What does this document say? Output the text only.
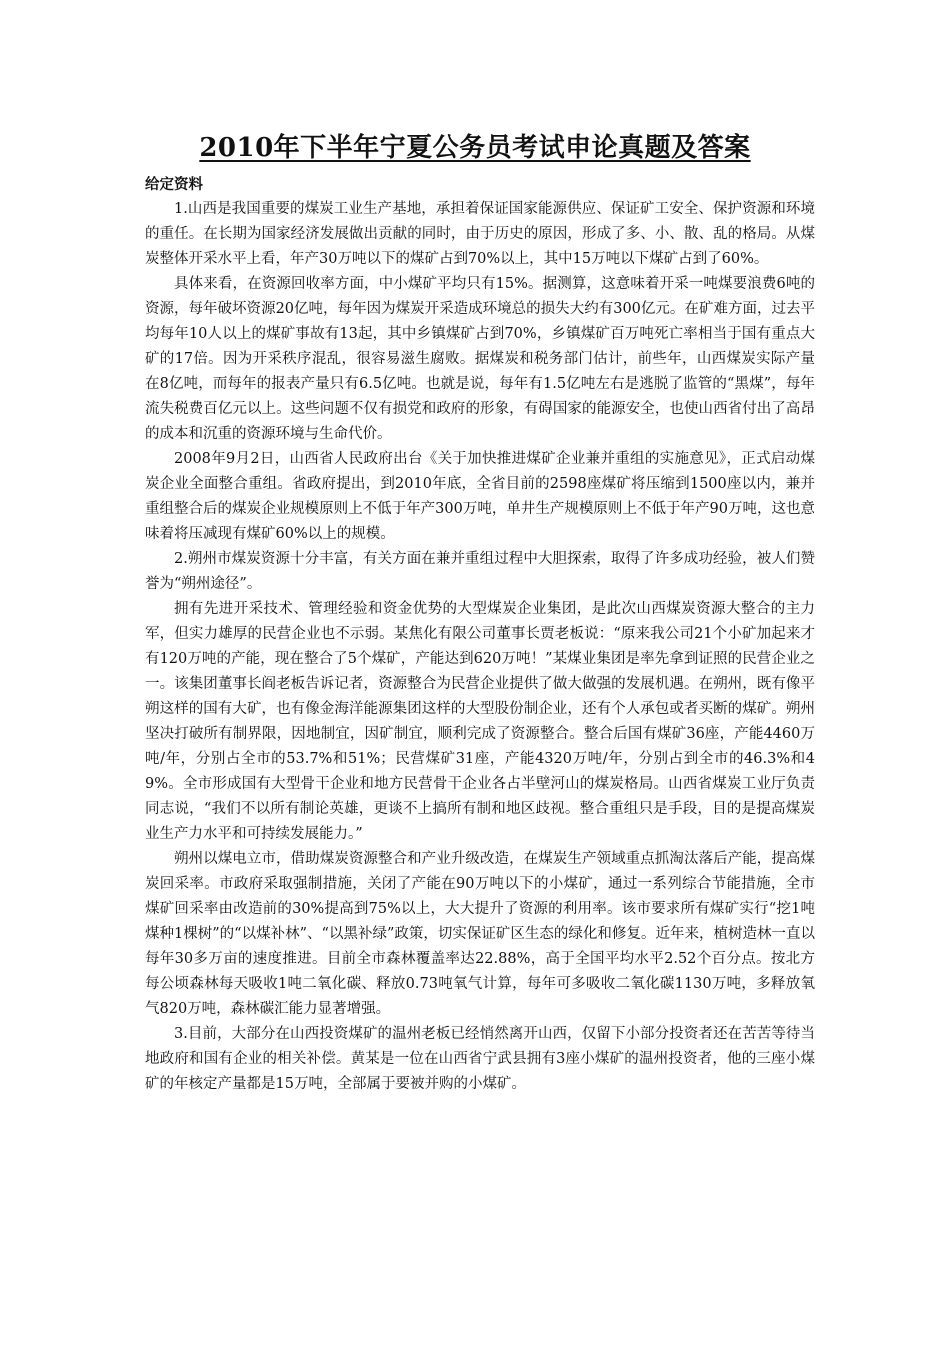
2010年下半年宁夏公务员考试申论真题及答案

给定资料

1.山西是我国重要的煤炭工业生产基地，承担着保证国家能源供应、保证矿工安全、保护资源和环境的重任。在长期为国家经济发展做出贡献的同时，由于历史的原因，形成了多、小、散、乱的格局。从煤炭整体开采水平上看，年产30万吨以下的煤矿占到70%以上，其中15万吨以下煤矿占到了60%。

具体来看，在资源回收率方面，中小煤矿平均只有15%。据测算，这意味着开采一吨煤要浪费6吨的资源，每年破坏资源20亿吨，每年因为煤炭开采造成环境总的损失大约有300亿元。在矿难方面，过去平均每年10人以上的煤矿事故有13起，其中乡镇煤矿占到70%，乡镇煤矿百万吨死亡率相当于国有重点大矿的17倍。因为开采秩序混乱，很容易滋生腐败。据煤炭和税务部门估计，前些年，山西煤炭实际产量在8亿吨，而每年的报表产量只有6.5亿吨。也就是说，每年有1.5亿吨左右是逃脱了监管的“黑煤”，每年流失税费百亿元以上。这些问题不仅有损党和政府的形象，有碍国家的能源安全，也使山西省付出了高昂的成本和沉重的资源环境与生命代价。

2008年9月2日，山西省人民政府出台《关于加快推进煤矿企业兼并重组的实施意见》，正式启动煤炭企业全面整合重组。省政府提出，到2010年底，全省目前的2598座煤矿将压缩到1500座以内，兼并重组整合后的煤炭企业规模原则上不低于年产300万吨，单井生产规模原则上不低于年产90万吨，这也意味着将压减现有煤矿60%以上的规模。

2.朔州市煤炭资源十分丰富，有关方面在兼并重组过程中大胆探索，取得了许多成功经验，被人们赞誉为“朔州途径”。

拥有先进开采技术、管理经验和资金优势的大型煤炭企业集团，是此次山西煤炭资源大整合的主力军，但实力雄厚的民营企业也不示弱。某焦化有限公司董事长贾老板说：“原来我公司21个小矿加起来才有120万吨的产能，现在整合了5个煤矿，产能达到620万吨！”某煤业集团是率先拿到证照的民营企业之一。该集团董事长阎老板告诉记者，资源整合为民营企业提供了做大做强的发展机遇。在朔州，既有像平朔这样的国有大矿，也有像金海洋能源集团这样的大型股份制企业，还有个人承包或者买断的煤矿。朔州坚决打破所有制界限，因地制宜，因矿制宜，顺利完成了资源整合。整合后国有煤矿36座，产能4460万吨/年，分别占全市的53.7%和51%；民营煤矿31座，产能4320万吨/年，分别占到全市的46.3%和49%。全市形成国有大型骨干企业和地方民营骨干企业各占半壁河山的煤炭格局。山西省煤炭工业厅负责同志说，“我们不以所有制论英雄，更谈不上搞所有制和地区歧视。整合重组只是手段，目的是提高煤炭业生产力水平和可持续发展能力。”

朔州以煤电立市，借助煤炭资源整合和产业升级改造，在煤炭生产领域重点抓淘汰落后产能，提高煤炭回采率。市政府采取强制措施，关闭了产能在90万吨以下的小煤矿，通过一系列综合节能措施，全市煤矿回采率由改造前的30%提高到75%以上，大大提升了资源的利用率。该市要求所有煤矿实行“挖1吨煤种1棵树”的“以煤补林”、“以黑补绿”政策，切实保证矿区生态的绿化和修复。近年来，植树造林一直以每年30多万亩的速度推进。目前全市森林覆盖率达22.88%，高于全国平均水平2.52个百分点。按北方每公顷森林每天吸收1吨二氧化碳、释放0.73吨氧气计算，每年可多吸收二氧化碳1130万吨，多释放氧气820万吨，森林碳汇能力显著增强。

3.目前，大部分在山西投资煤矿的温州老板已经悄然离开山西，仅留下小部分投资者还在苦苦等待当地政府和国有企业的相关补偿。黄某是一位在山西省宁武县拥有3座小煤矿的温州投资者，他的三座小煤矿的年核定产量都是15万吨，全部属于要被并购的小煤矿。
